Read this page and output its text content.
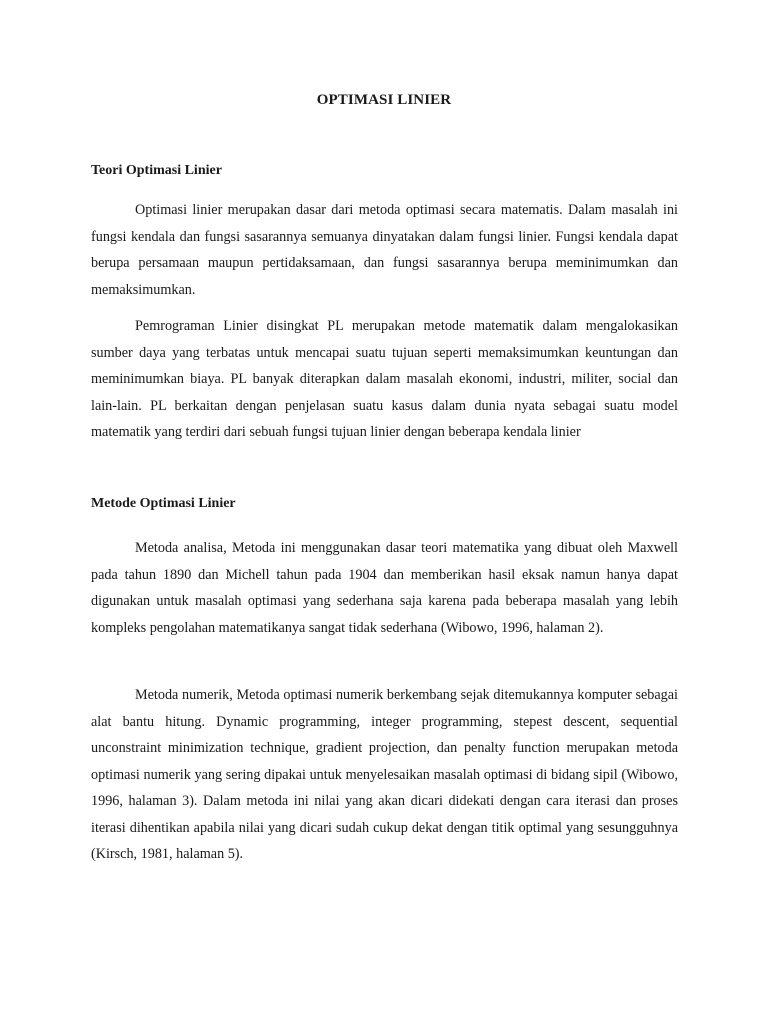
OPTIMASI LINIER
Teori Optimasi Linier

Optimasi linier merupakan dasar dari metoda optimasi secara matematis. Dalam masalah ini fungsi kendala dan fungsi sasarannya semuanya dinyatakan dalam fungsi linier. Fungsi kendala dapat berupa persamaan maupun pertidaksamaan, dan fungsi sasarannya berupa meminimumkan dan memaksimumkan.

Pemrograman Linier disingkat PL merupakan metode matematik dalam mengalokasikan sumber daya yang terbatas untuk mencapai suatu tujuan seperti memaksimumkan keuntungan dan meminimumkan biaya. PL banyak diterapkan dalam masalah ekonomi, industri, militer, social dan lain-lain. PL berkaitan dengan penjelasan suatu kasus dalam dunia nyata sebagai suatu model matematik yang terdiri dari sebuah fungsi tujuan linier dengan beberapa kendala linier

Metode Optimasi Linier

Metoda analisa, Metoda ini menggunakan dasar teori matematika yang dibuat oleh Maxwell pada tahun 1890 dan Michell tahun pada 1904 dan memberikan hasil eksak namun hanya dapat digunakan untuk masalah optimasi yang sederhana saja karena pada beberapa masalah yang lebih kompleks pengolahan matematikanya sangat tidak sederhana (Wibowo, 1996, halaman 2).

Metoda numerik, Metoda optimasi numerik berkembang sejak ditemukannya komputer sebagai alat bantu hitung. Dynamic programming, integer programming, stepest descent, sequential unconstraint minimization technique, gradient projection, dan penalty function merupakan metoda optimasi numerik yang sering dipakai untuk menyelesaikan masalah optimasi di bidang sipil (Wibowo, 1996, halaman 3). Dalam metoda ini nilai yang akan dicari didekati dengan cara iterasi dan proses iterasi dihentikan apabila nilai yang dicari sudah cukup dekat dengan titik optimal yang sesungguhnya (Kirsch, 1981, halaman 5).
